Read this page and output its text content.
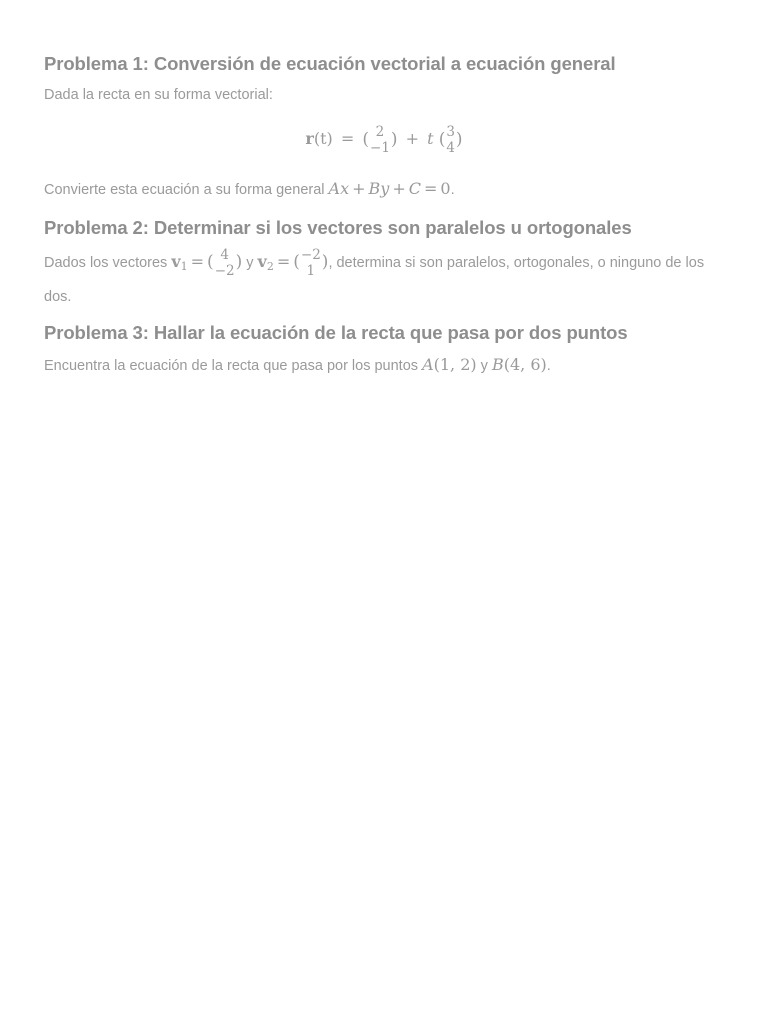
Problema 1: Conversión de ecuación vectorial a ecuación general

Dada la recta en su forma vectorial:

r(t) = ( 2
−1 ) + t ( 3
4 )

Convierte esta ecuación a su forma general Ax + By + C = 0.

Problema 2: Determinar si los vectores son paralelos u ortogonales

Dados los vectores $v_1$ = ( 4
−2 ) y $v_2$ = ( −2
1 ), determina si son paralelos, ortogonales, o ninguno de los dos.

Problema 3: Hallar la ecuación de la recta que pasa por dos puntos

Encuentra la ecuación de la recta que pasa por los puntos A(1, 2) y B(4, 6).
